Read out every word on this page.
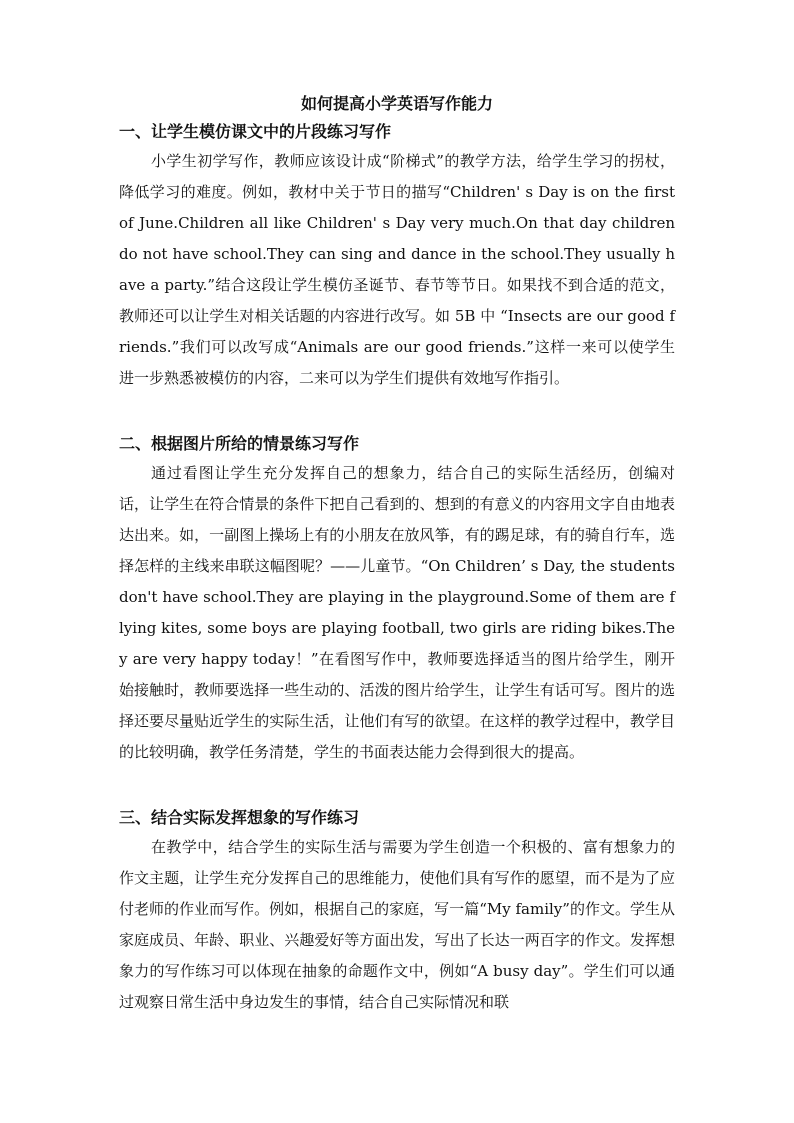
如何提高小学英语写作能力
一、让学生模仿课文中的片段练习写作

小学生初学写作，教师应该设计成“阶梯式”的教学方法，给学生学习的拐杖，降低学习的难度。例如，教材中关于节日的描写“Children' s Day is on the first of June.Children all like Children' s Day very much.On that day children do not have school.They can sing and dance in the school.They usually have a party.”结合这段让学生模仿圣诞节、春节等节日。如果找不到合适的范文，教师还可以让学生对相关话题的内容进行改写。如 5B 中 “Insects are our good friends.”我们可以改写成“Animals are our good friends.”这样一来可以使学生进一步熟悉被模仿的内容，二来可以为学生们提供有效地写作指引。

二、根据图片所给的情景练习写作

通过看图让学生充分发挥自己的想象力，结合自己的实际生活经历，创编对话，让学生在符合情景的条件下把自己看到的、想到的有意义的内容用文字自由地表达出来。如，一副图上操场上有的小朋友在放风筝，有的踢足球，有的骑自行车，选择怎样的主线来串联这幅图呢？——儿童节。“On Children’ s Day, the students don't have school.They are playing in the playground.Some of them are flying kites, some boys are playing football, two girls are riding bikes.They are very happy today！”在看图写作中，教师要选择适当的图片给学生，刚开始接触时，教师要选择一些生动的、活泼的图片给学生，让学生有话可写。图片的选择还要尽量贴近学生的实际生活，让他们有写的欲望。在这样的教学过程中，教学目的比较明确，教学任务清楚，学生的书面表达能力会得到很大的提高。

三、结合实际发挥想象的写作练习

在教学中，结合学生的实际生活与需要为学生创造一个积极的、富有想象力的作文主题，让学生充分发挥自己的思维能力，使他们具有写作的愿望，而不是为了应付老师的作业而写作。例如，根据自己的家庭，写一篇“My family”的作文。学生从家庭成员、年龄、职业、兴趣爱好等方面出发，写出了长达一两百字的作文。发挥想象力的写作练习可以体现在抽象的命题作文中，例如“A busy day”。学生们可以通过观察日常生活中身边发生的事情，结合自己实际情况和联
